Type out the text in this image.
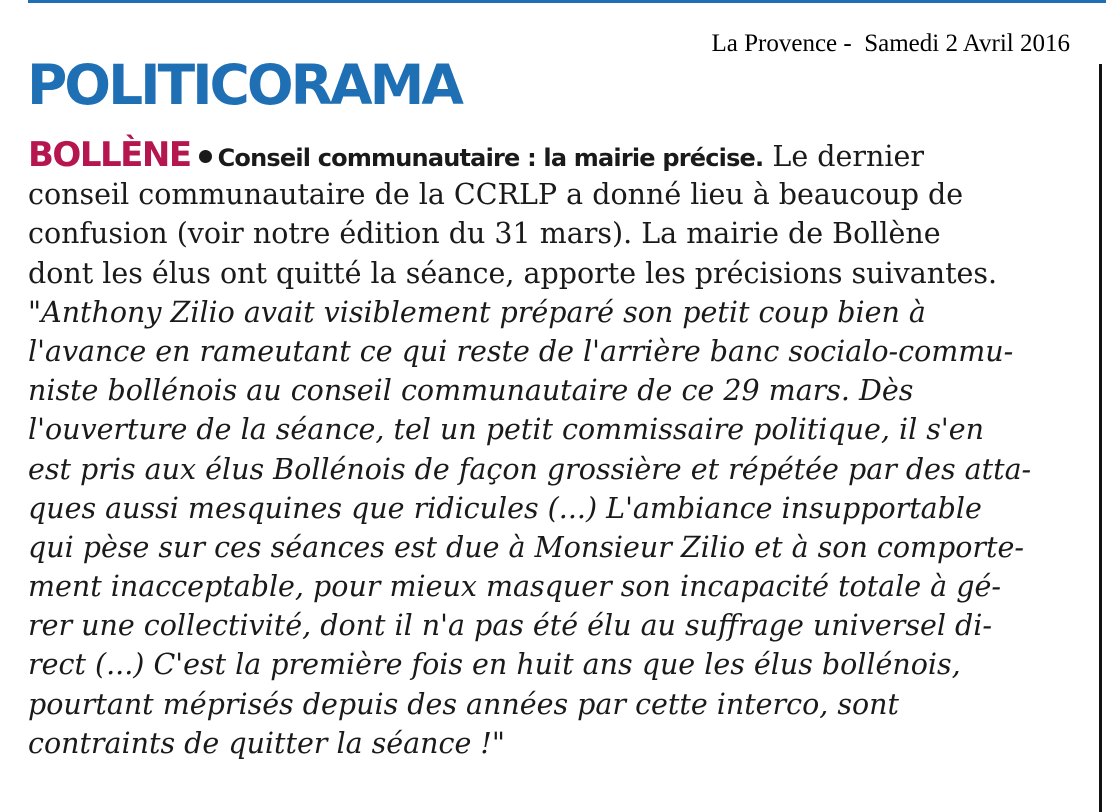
La Provence -  Samedi 2 Avril 2016
POLITICORAMA
BOLLÈNE Conseil communautaire : la mairie précise. Le dernier
conseil communautaire de la CCRLP a donné lieu à beaucoup de
confusion (voir notre édition du 31 mars). La mairie de Bollène
dont les élus ont quitté la séance, apporte les précisions suivantes.
"Anthony Zilio avait visiblement préparé son petit coup bien à
l'avance en rameutant ce qui reste de l'arrière banc socialo-commu-
niste bollénois au conseil communautaire de ce 29 mars. Dès
l'ouverture de la séance, tel un petit commissaire politique, il s'en
est pris aux élus Bollénois de façon grossière et répétée par des atta-
ques aussi mesquines que ridicules (...) L'ambiance insupportable
qui pèse sur ces séances est due à Monsieur Zilio et à son comporte-
ment inacceptable, pour mieux masquer son incapacité totale à gé-
rer une collectivité, dont il n'a pas été élu au suffrage universel di-
rect (...) C'est la première fois en huit ans que les élus bollénois,
pourtant méprisés depuis des années par cette interco, sont
contraints de quitter la séance !"
